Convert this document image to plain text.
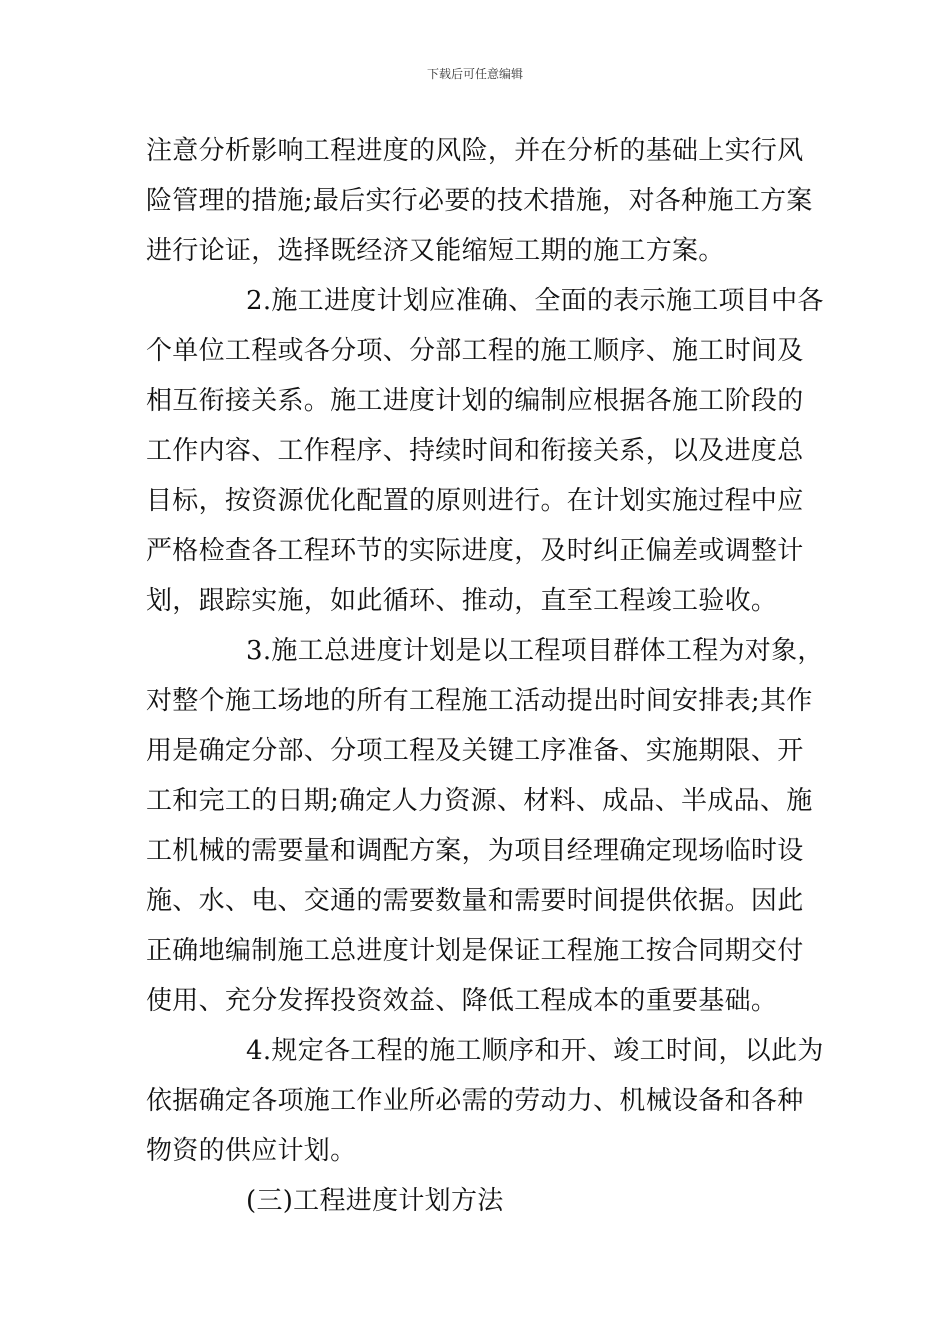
下载后可任意编辑
注意分析影响工程进度的风险，并在分析的基础上实行风
险管理的措施;最后实行必要的技术措施，对各种施工方案
进行论证，选择既经济又能缩短工期的施工方案。
2.施工进度计划应准确、全面的表示施工项目中各
个单位工程或各分项、分部工程的施工顺序、施工时间及
相互衔接关系。施工进度计划的编制应根据各施工阶段的
工作内容、工作程序、持续时间和衔接关系，以及进度总
目标，按资源优化配置的原则进行。在计划实施过程中应
严格检查各工程环节的实际进度，及时纠正偏差或调整计
划，跟踪实施，如此循环、推动，直至工程竣工验收。
3.施工总进度计划是以工程项目群体工程为对象，
对整个施工场地的所有工程施工活动提出时间安排表;其作
用是确定分部、分项工程及关键工序准备、实施期限、开
工和完工的日期;确定人力资源、材料、成品、半成品、施
工机械的需要量和调配方案，为项目经理确定现场临时设
施、水、电、交通的需要数量和需要时间提供依据。因此
正确地编制施工总进度计划是保证工程施工按合同期交付
使用、充分发挥投资效益、降低工程成本的重要基础。
4.规定各工程的施工顺序和开、竣工时间，以此为
依据确定各项施工作业所必需的劳动力、机械设备和各种
物资的供应计划。
(三)工程进度计划方法
